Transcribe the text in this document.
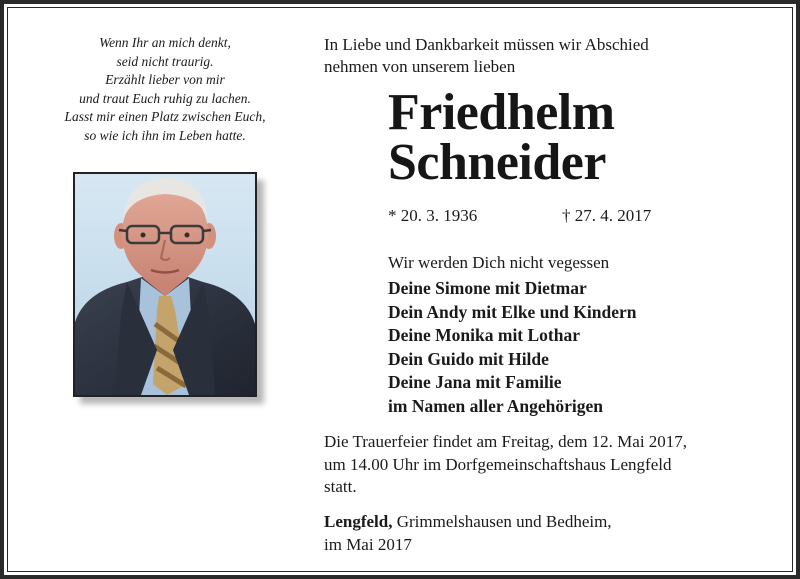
Wenn Ihr an mich denkt,
seid nicht traurig.
Erzählt lieber von mir
und traut Euch ruhig zu lachen.
Lasst mir einen Platz zwischen Euch,
so wie ich ihn im Leben hatte.
In Liebe und Dankbarkeit müssen wir Abschied
nehmen von unserem lieben
Friedhelm
Schneider
* 20. 3. 1936	† 27. 4. 2017
Wir werden Dich nicht vegessen
Deine Simone mit Dietmar
Dein Andy mit Elke und Kindern
Deine Monika mit Lothar
Dein Guido mit Hilde
Deine Jana mit Familie
im Namen aller Angehörigen
Die Trauerfeier findet am Freitag, dem 12. Mai 2017,
um 14.00 Uhr im Dorfgemeinschaftshaus Lengfeld
statt.
Lengfeld, Grimmelshausen und Bedheim,
im Mai 2017
